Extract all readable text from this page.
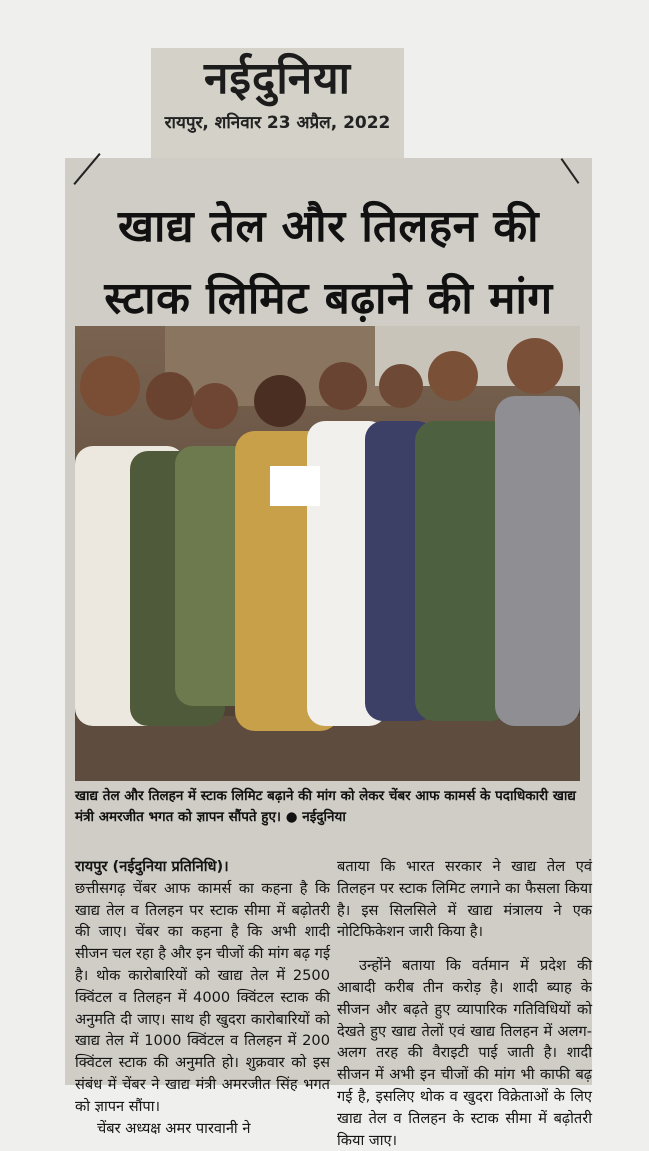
नईदुनिया
रायपुर, शनिवार 23 अप्रैल, 2022
खाद्य तेल और तिलहन की
स्टाक लिमिट बढ़ाने की मांग
खाद्य तेल और तिलहन में स्टाक लिमिट बढ़ाने की मांग को लेकर चेंबर आफ कामर्स के पदाधिकारी खाद्य मंत्री अमरजीत भगत को ज्ञापन सौंपते हुए। ● नईदुनिया

रायपुर (नईदुनिया प्रतिनिधि)।

छत्तीसगढ़ चेंबर आफ कामर्स का कहना है कि खाद्य तेल व तिलहन पर स्टाक सीमा में बढ़ोतरी की जाए। चेंबर का कहना है कि अभी शादी सीजन चल रहा है और इन चीजों की मांग बढ़ गई है। थोक कारोबारियों को खाद्य तेल में 2500 क्विंटल व तिलहन में 4000 क्विंटल स्टाक की अनुमति दी जाए। साथ ही खुदरा कारोबारियों को खाद्य तेल में 1000 क्विंटल व तिलहन में 200 क्विंटल स्टाक की अनुमति हो। शुक्रवार को इस संबंध में चेंबर ने खाद्य मंत्री अमरजीत सिंह भगत को ज्ञापन सौंपा।

चेंबर अध्यक्ष अमर पारवानी ने

बताया कि भारत सरकार ने खाद्य तेल एवं तिलहन पर स्टाक लिमिट लगाने का फैसला किया है। इस सिलसिले में खाद्य मंत्रालय ने एक नोटिफिकेशन जारी किया है।

उन्होंने बताया कि वर्तमान में प्रदेश की आबादी करीब तीन करोड़ है। शादी ब्याह के सीजन और बढ़ते हुए व्यापारिक गतिविधियों को देखते हुए खाद्य तेलों एवं खाद्य तिलहन में अलग-अलग तरह की वैराइटी पाई जाती है। शादी सीजन में अभी इन चीजों की मांग भी काफी बढ़ गई है, इसलिए थोक व खुदरा विक्रेताओं के लिए खाद्य तेल व तिलहन के स्टाक सीमा में बढ़ोतरी किया जाए।
